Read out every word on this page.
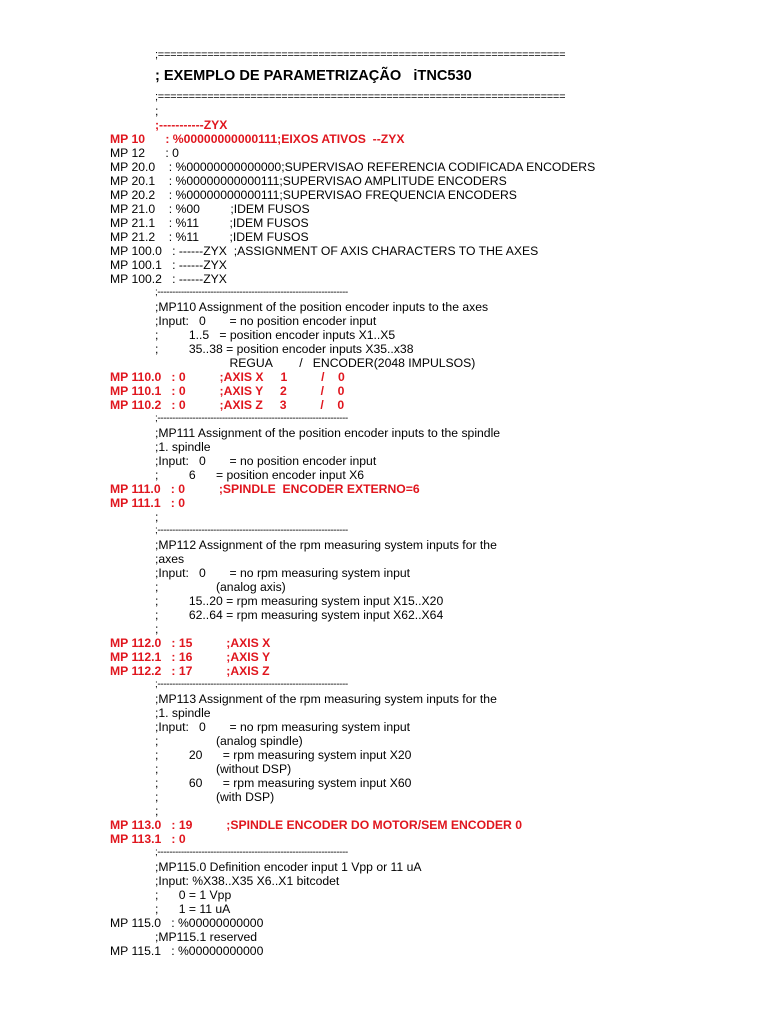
;==================================================================
; EXEMPLO DE PARAMETRIZAÇÃO   iTNC530
;==================================================================
;
;-----------ZYX
MP 10      : %00000000000111;EIXOS ATIVOS  --ZYX
MP 12      : 0
MP 20.0    : %00000000000000;SUPERVISAO REFERENCIA CODIFICADA ENCODERS
MP 20.1    : %00000000000111;SUPERVISAO AMPLITUDE ENCODERS
MP 20.2    : %00000000000111;SUPERVISAO FREQUENCIA ENCODERS
MP 21.0    : %00         ;IDEM FUSOS
MP 21.1    : %11         ;IDEM FUSOS
MP 21.2    : %11         ;IDEM FUSOS
MP 100.0   : ------ZYX  ;ASSIGNMENT OF AXIS CHARACTERS TO THE AXES
MP 100.1   : ------ZYX
MP 100.2   : ------ZYX
;-----------------------------------------------------------------
;MP110 Assignment of the position encoder inputs to the axes
;Input:   0       = no position encoder input
;         1..5   = position encoder inputs X1..X5
;         35..38 = position encoder inputs X35..x38
REGUA        /   ENCODER(2048 IMPULSOS)
MP 110.0   : 0          ;AXIS X     1          /    0
MP 110.1   : 0          ;AXIS Y     2          /    0
MP 110.2   : 0          ;AXIS Z     3          /    0
;-----------------------------------------------------------------
;MP111 Assignment of the position encoder inputs to the spindle
;1. spindle
;Input:   0       = no position encoder input
;         6      = position encoder input X6
MP 111.0   : 0          ;SPINDLE  ENCODER EXTERNO=6
MP 111.1   : 0
;
;-----------------------------------------------------------------
;MP112 Assignment of the rpm measuring system inputs for the
;axes
;Input:   0       = no rpm measuring system input
;                 (analog axis)
;         15..20 = rpm measuring system input X15..X20
;         62..64 = rpm measuring system input X62..X64
;
MP 112.0   : 15          ;AXIS X
MP 112.1   : 16          ;AXIS Y
MP 112.2   : 17          ;AXIS Z
;-----------------------------------------------------------------
;MP113 Assignment of the rpm measuring system inputs for the
;1. spindle
;Input:   0       = no rpm measuring system input
;                 (analog spindle)
;         20      = rpm measuring system input X20
;                 (without DSP)
;         60      = rpm measuring system input X60
;                 (with DSP)
;
MP 113.0   : 19          ;SPINDLE ENCODER DO MOTOR/SEM ENCODER 0
MP 113.1   : 0
;-----------------------------------------------------------------
;MP115.0 Definition encoder input 1 Vpp or 11 uA
;Input: %X38..X35 X6..X1 bitcodet
;      0 = 1 Vpp
;      1 = 11 uA
MP 115.0   : %00000000000
;MP115.1 reserved
MP 115.1   : %00000000000
